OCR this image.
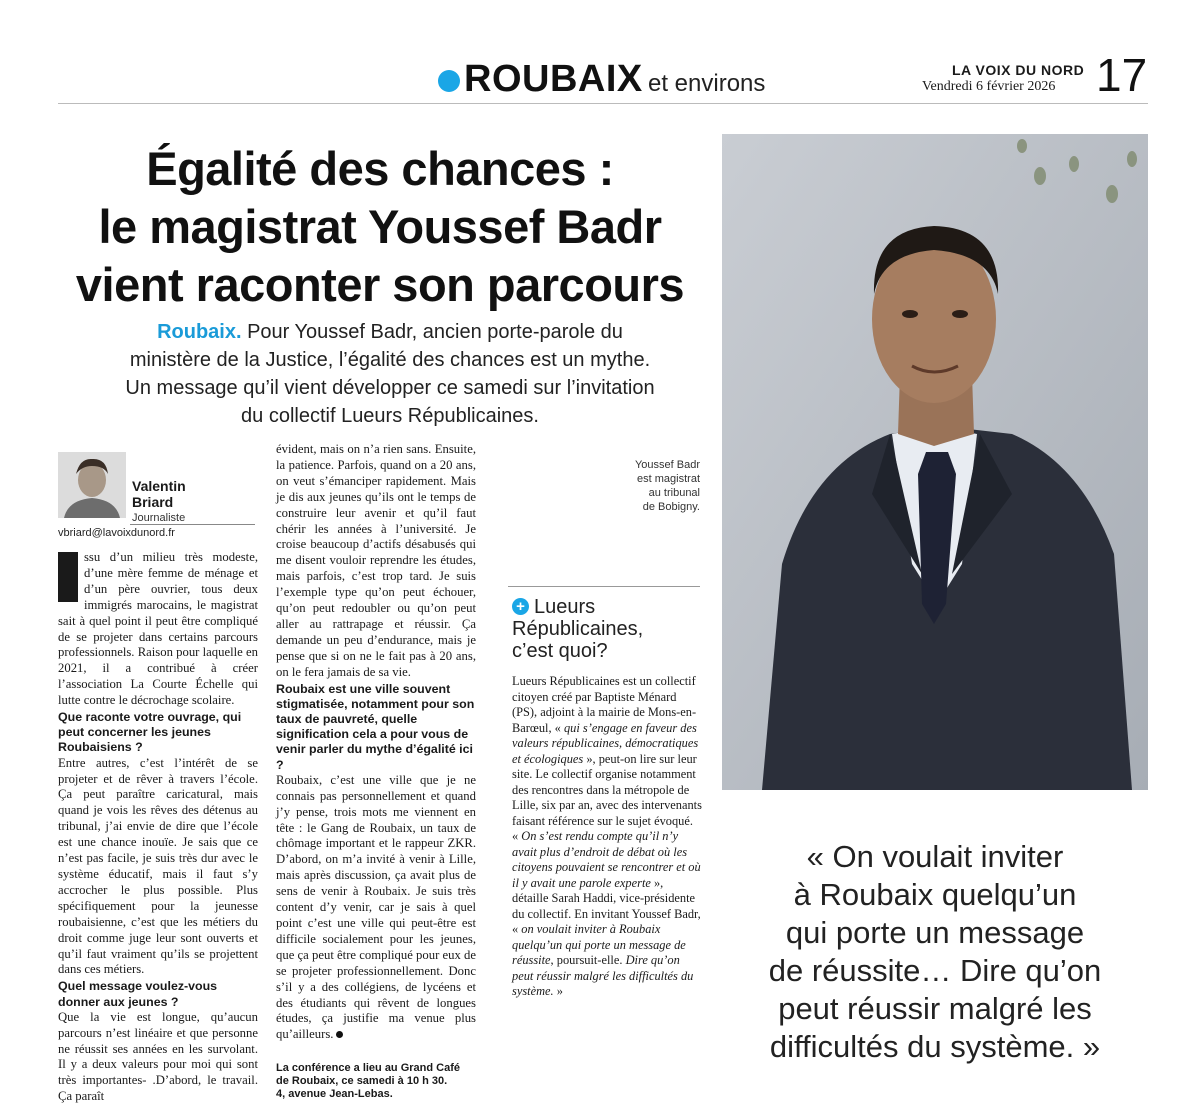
ROUBAIX et environs	LA VOIX DU NORD
Vendredi 6 février 2026 17
Égalité des chances :
le magistrat Youssef Badr
vient raconter son parcours
Roubaix. Pour Youssef Badr, ancien porte-parole du ministère de la Justice, l’égalité des chances est un mythe. Un message qu’il vient développer ce samedi sur l’invitation du collectif Lueurs Républicaines.
Valentin
Briard
Journaliste
vbriard@lavoixdunord.fr

ssu d’un milieu très modeste, d’une mère femme de ménage et d’un père ouvrier, tous deux immigrés marocains, le magistrat sait à quel point il peut être compliqué de se projeter dans certains parcours professionnels. Raison pour laquelle en 2021, il a contribué à créer l’association La Courte Échelle qui lutte contre le décrochage scolaire.

Que raconte votre ouvrage, qui peut concerner les jeunes Roubaisiens ?

Entre autres, c’est l’intérêt de se projeter et de rêver à travers l’école. Ça peut paraître caricatural, mais quand je vois les rêves des détenus au tribunal, j’ai envie de dire que l’école est une chance inouïe. Je sais que ce n’est pas facile, je suis très dur avec le système éducatif, mais il faut s’y accrocher le plus possible. Plus spécifiquement pour la jeunesse roubaisienne, c’est que les métiers du droit comme juge leur sont ouverts et qu’il faut vraiment qu’ils se projettent dans ces métiers.

Quel message voulez-vous donner aux jeunes ?

Que la vie est longue, qu’aucun parcours n’est linéaire et que personne ne réussit ses années en les survolant. Il y a deux valeurs pour moi qui sont très importantes- .D’abord, le travail. Ça paraît

évident, mais on n’a rien sans. Ensuite, la patience. Parfois, quand on a 20 ans, on veut s’émanciper rapidement. Mais je dis aux jeunes qu’ils ont le temps de construire leur avenir et qu’il faut chérir les années à l’université. Je croise beaucoup d’actifs désabusés qui me disent vouloir reprendre les études, mais parfois, c’est trop tard. Je suis l’exemple type qu’on peut échouer, qu’on peut redoubler ou qu’on peut aller au rattrapage et réussir. Ça demande un peu d’endurance, mais je pense que si on ne le fait pas à 20 ans, on le fera jamais de sa vie.

Roubaix est une ville souvent stigmatisée, notamment pour son taux de pauvreté, quelle signification cela a pour vous de venir parler du mythe d’égalité ici ?

Roubaix, c’est une ville que je ne connais pas personnellement et quand j’y pense, trois mots me viennent en tête : le Gang de Roubaix, un taux de chômage important et le rappeur ZKR. D’abord, on m’a invité à venir à Lille, mais après discussion, ça avait plus de sens de venir à Roubaix. Je suis très content d’y venir, car je sais à quel point c’est une ville qui peut-être est difficile socialement pour les jeunes, que ça peut être compliqué pour eux de se projeter professionnellement. Donc s’il y a des collégiens, de lycéens et des étudiants qui rêvent de longues études, ça justifie ma venue plus qu’ailleurs.

La conférence a lieu au Grand Café
de Roubaix, ce samedi à 10 h 30.
4, avenue Jean-Lebas.
+ Lueurs
Républicaines,
c’est quoi?
Lueurs Républicaines est un collectif citoyen créé par Baptiste Ménard (PS), adjoint à la mairie de Mons-en-Barœul, « qui s’engage en faveur des valeurs républicaines, démocratiques et écologiques », peut-on lire sur leur site. Le collectif organise notamment des rencontres dans la métropole de Lille, six par an, avec des intervenants faisant référence sur le sujet évoqué. « On s’est rendu compte qu’il n’y avait plus d’endroit de débat où les citoyens pouvaient se rencontrer et où il y avait une parole experte », détaille Sarah Haddi, vice-présidente du collectif. En invitant Youssef Badr, « on voulait inviter à Roubaix quelqu’un qui porte un message de réussite, poursuit-elle. Dire qu’on peut réussir malgré les difficultés du système. »
Youssef Badr
est magistrat
au tribunal
de Bobigny.
« On voulait inviter
à Roubaix quelqu’un
qui porte un message
de réussite… Dire qu’on
peut réussir malgré les
difficultés du système. »
